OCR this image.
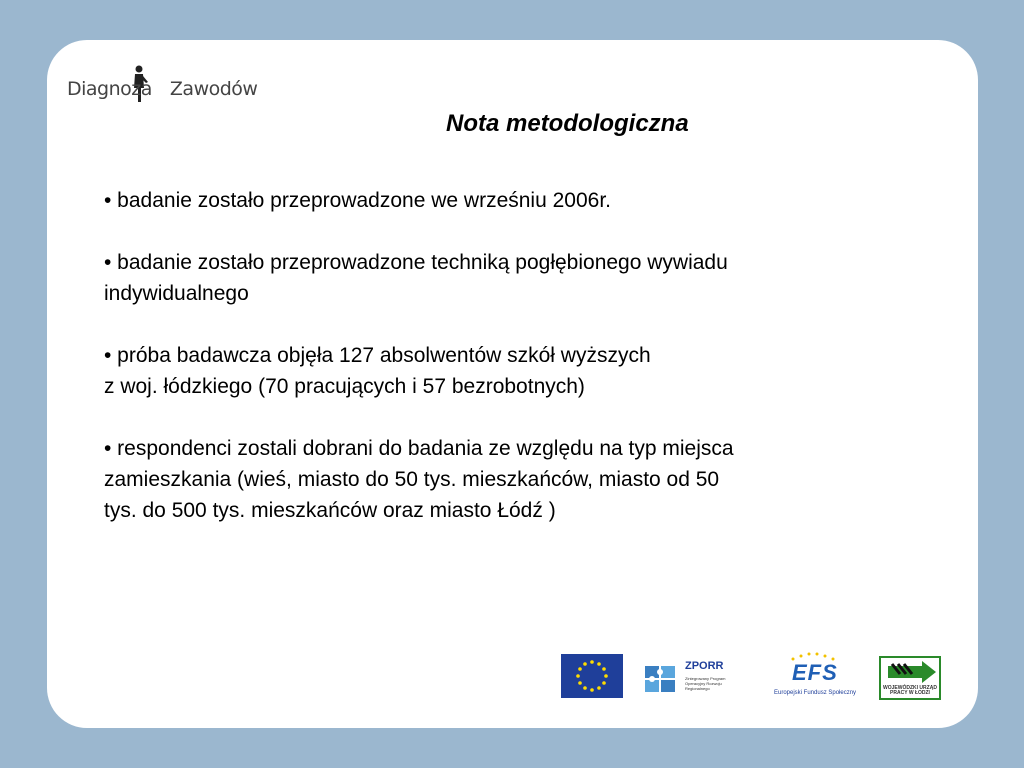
Diagnoza Zawodów
Nota metodologiczna
• badanie zostało przeprowadzone we wrześniu 2006r.
• badanie zostało przeprowadzone techniką pogłębionego wywiadu
indywidualnego
• próba badawcza objęła 127 absolwentów szkół wyższych
z woj. łódzkiego (70 pracujących i 57 bezrobotnych)
• respondenci zostali dobrani do badania ze względu na typ miejsca
zamieszkania (wieś, miasto do 50 tys. mieszkańców, miasto od 50
tys. do 500 tys. mieszkańców oraz miasto Łódź )
ZPORR
Zintegrowany Program Operacyjny Rozwoju Regionalnego
EFS
Europejski Fundusz Społeczny
WOJEWÓDZKI URZĄD PRACY W ŁODZI
